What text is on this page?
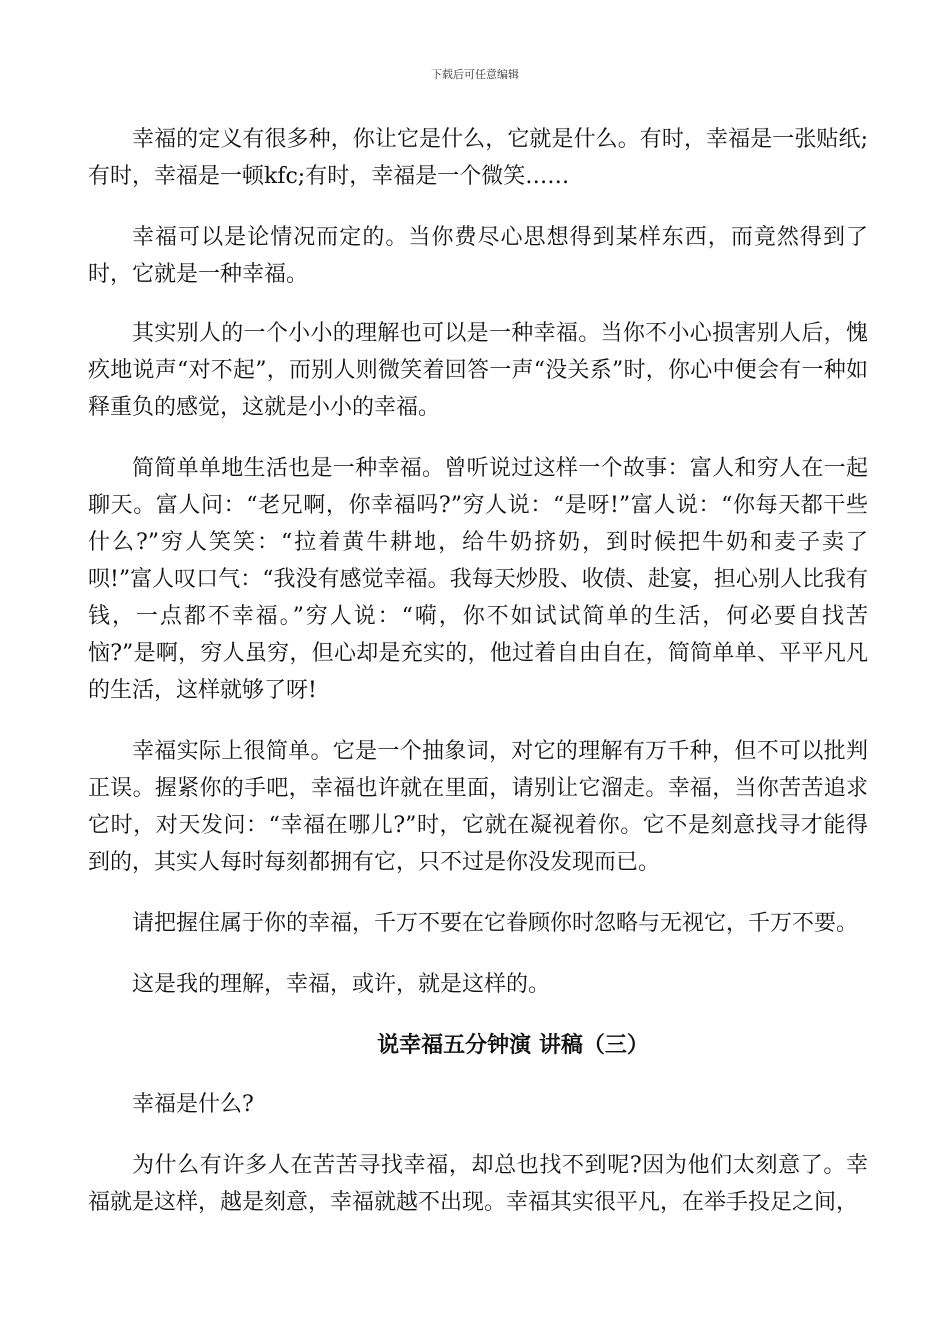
下载后可任意编辑

幸福的定义有很多种，你让它是什么，它就是什么。有时，幸福是一张贴纸;有时，幸福是一顿kfc;有时，幸福是一个微笑……

幸福可以是论情况而定的。当你费尽心思想得到某样东西，而竟然得到了时，它就是一种幸福。

其实别人的一个小小的理解也可以是一种幸福。当你不小心损害别人后，愧疚地说声“对不起”，而别人则微笑着回答一声“没关系”时，你心中便会有一种如释重负的感觉，这就是小小的幸福。

简简单单地生活也是一种幸福。曾听说过这样一个故事：富人和穷人在一起聊天。富人问：“老兄啊，你幸福吗?”穷人说：“是呀!”富人说：“你每天都干些什么?”穷人笑笑：“拉着黄牛耕地，给牛奶挤奶，到时候把牛奶和麦子卖了呗!”富人叹口气：“我没有感觉幸福。我每天炒股、收债、赴宴，担心别人比我有钱，一点都不幸福。”穷人说：“嗬，你不如试试简单的生活，何必要自找苦恼?”是啊，穷人虽穷，但心却是充实的，他过着自由自在，简简单单、平平凡凡的生活，这样就够了呀!

幸福实际上很简单。它是一个抽象词，对它的理解有万千种，但不可以批判正误。握紧你的手吧，幸福也许就在里面，请别让它溜走。幸福，当你苦苦追求它时，对天发问：“幸福在哪儿?”时，它就在凝视着你。它不是刻意找寻才能得到的，其实人每时每刻都拥有它，只不过是你没发现而已。

请把握住属于你的幸福，千万不要在它眷顾你时忽略与无视它，千万不要。

这是我的理解，幸福，或许，就是这样的。

说幸福五分钟演 讲稿（三）

幸福是什么?

为什么有许多人在苦苦寻找幸福，却总也找不到呢?因为他们太刻意了。幸福就是这样，越是刻意，幸福就越不出现。幸福其实很平凡，在举手投足之间，
